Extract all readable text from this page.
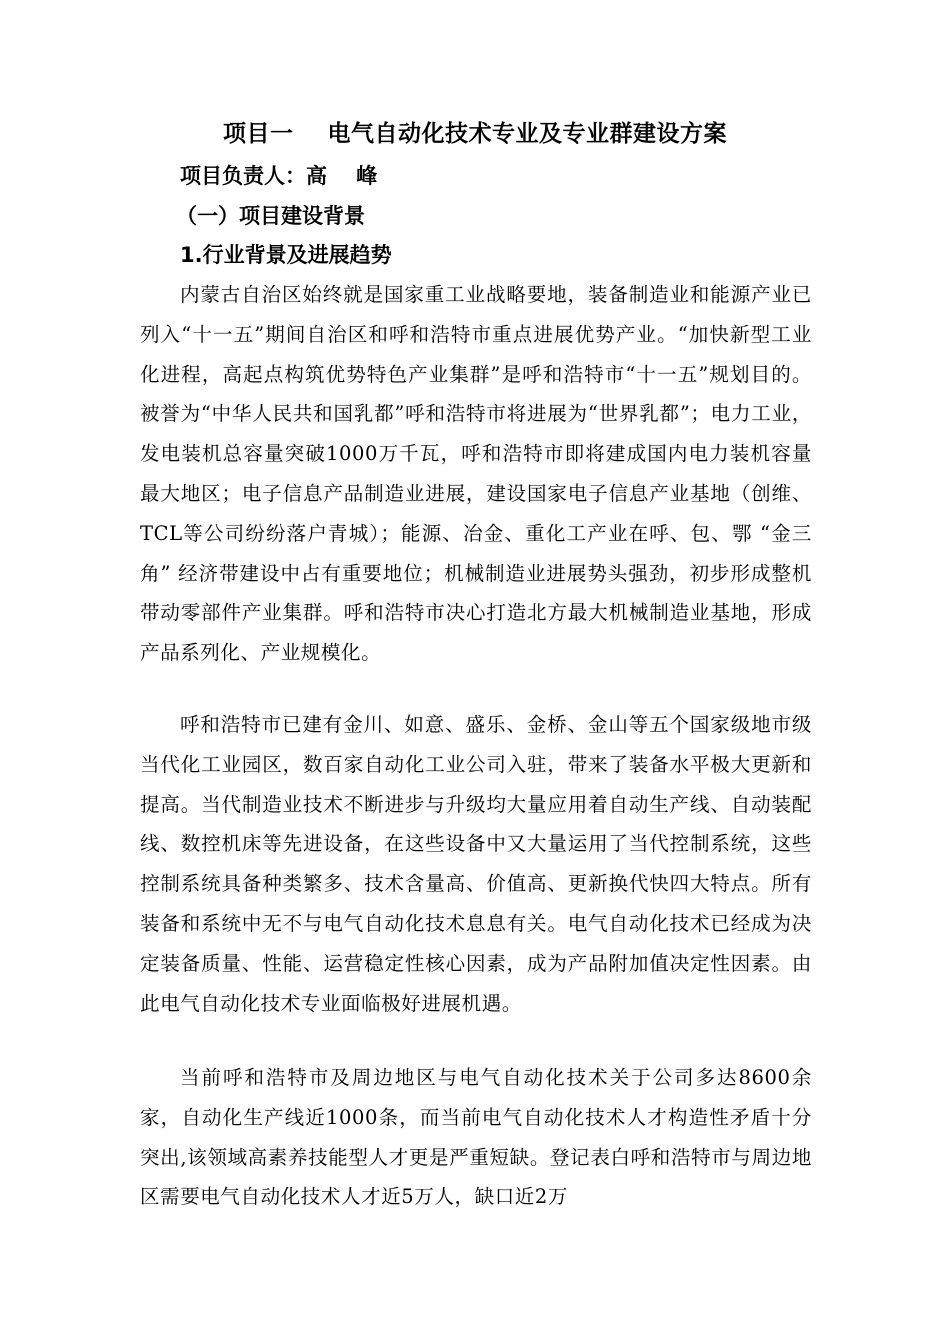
项目一    电气自动化技术专业及专业群建设方案
项目负责人：高    峰
（一）项目建设背景
1.行业背景及进展趋势

内蒙古自治区始终就是国家重工业战略要地，装备制造业和能源产业已列入“十一五”期间自治区和呼和浩特市重点进展优势产业。“加快新型工业化进程，高起点构筑优势特色产业集群”是呼和浩特市“十一五”规划目的。被誉为“中华人民共和国乳都”呼和浩特市将进展为“世界乳都”；电力工业，发电装机总容量突破1000万千瓦，呼和浩特市即将建成国内电力装机容量最大地区；电子信息产品制造业进展，建设国家电子信息产业基地（创维、TCL等公司纷纷落户青城）；能源、冶金、重化工产业在呼、包、鄂 “金三角” 经济带建设中占有重要地位；机械制造业进展势头强劲，初步形成整机带动零部件产业集群。呼和浩特市决心打造北方最大机械制造业基地，形成产品系列化、产业规模化。

呼和浩特市已建有金川、如意、盛乐、金桥、金山等五个国家级地市级当代化工业园区，数百家自动化工业公司入驻，带来了装备水平极大更新和提高。当代制造业技术不断进步与升级均大量应用着自动生产线、自动装配线、数控机床等先进设备，在这些设备中又大量运用了当代控制系统，这些控制系统具备种类繁多、技术含量高、价值高、更新换代快四大特点。所有装备和系统中无不与电气自动化技术息息有关。电气自动化技术已经成为决定装备质量、性能、运营稳定性核心因素，成为产品附加值决定性因素。由此电气自动化技术专业面临极好进展机遇。

当前呼和浩特市及周边地区与电气自动化技术关于公司多达8600余家，自动化生产线近1000条，而当前电气自动化技术人才构造性矛盾十分突出,该领域高素养技能型人才更是严重短缺。登记表白呼和浩特市与周边地区需要电气自动化技术人才近5万人，缺口近2万
